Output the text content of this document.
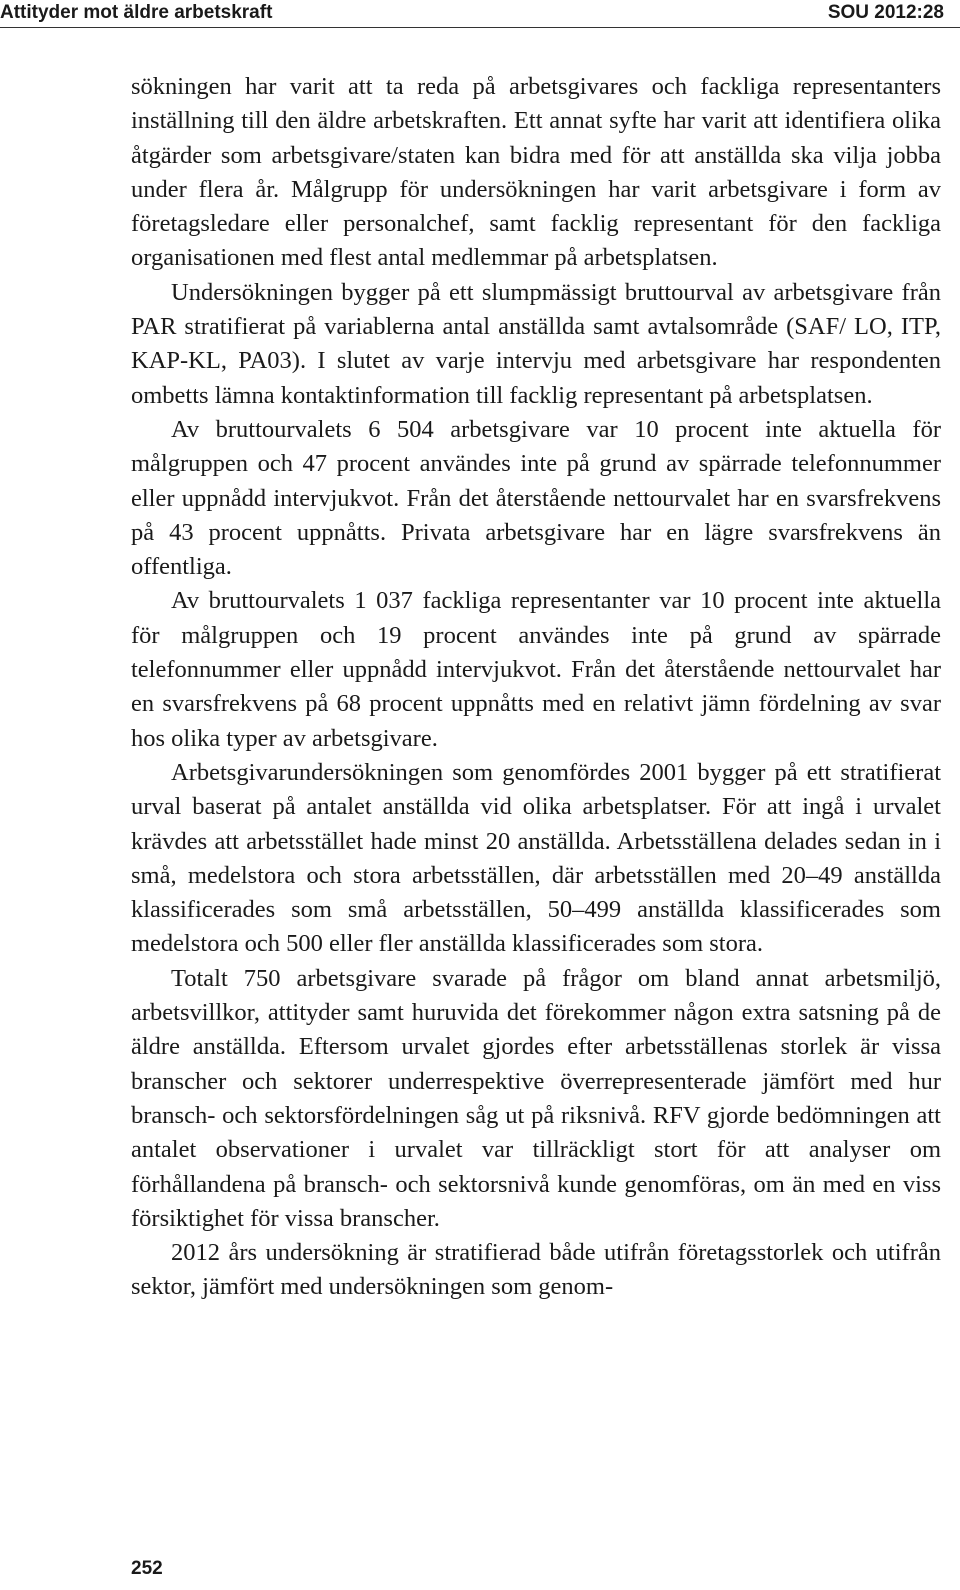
Attityder mot äldre arbetskraft	SOU 2012:28

sökningen har varit att ta reda på arbetsgivares och fackliga representanters inställning till den äldre arbetskraften. Ett annat syfte har varit att identifiera olika åtgärder som arbetsgivare/staten kan bidra med för att anställda ska vilja jobba under flera år. Målgrupp för undersökningen har varit arbetsgivare i form av företagsledare eller personalchef, samt facklig representant för den fackliga organisationen med flest antal medlemmar på arbetsplatsen.

Undersökningen bygger på ett slumpmässigt bruttourval av arbetsgivare från PAR stratifierat på variablerna antal anställda samt avtalsområde (SAF/ LO, ITP, KAP-KL, PA03). I slutet av varje intervju med arbetsgivare har respondenten ombetts lämna kontaktinformation till facklig representant på arbetsplatsen.

Av bruttourvalets 6 504 arbetsgivare var 10 procent inte aktuella för målgruppen och 47 procent användes inte på grund av spärrade telefonnummer eller uppnådd intervjukvot. Från det återstående nettourvalet har en svarsfrekvens på 43 procent uppnåtts. Privata arbetsgivare har en lägre svarsfrekvens än offentliga.

Av bruttourvalets 1 037 fackliga representanter var 10 procent inte aktuella för målgruppen och 19 procent användes inte på grund av spärrade telefonnummer eller uppnådd intervjukvot. Från det återstående nettourvalet har en svarsfrekvens på 68 procent uppnåtts med en relativt jämn fördelning av svar hos olika typer av arbetsgivare.

Arbetsgivarundersökningen som genomfördes 2001 bygger på ett stratifierat urval baserat på antalet anställda vid olika arbetsplatser. För att ingå i urvalet krävdes att arbetsstället hade minst 20 anställda. Arbetsställena delades sedan in i små, medelstora och stora arbetsställen, där arbetsställen med 20–49 anställda klassificerades som små arbetsställen, 50–499 anställda klassificerades som medelstora och 500 eller fler anställda klassificerades som stora.

Totalt 750 arbetsgivare svarade på frågor om bland annat arbetsmiljö, arbetsvillkor, attityder samt huruvida det förekommer någon extra satsning på de äldre anställda. Eftersom urvalet gjordes efter arbetsställenas storlek är vissa branscher och sektorer underrespektive överrepresenterade jämfört med hur bransch- och sektorsfördelningen såg ut på riksnivå. RFV gjorde bedömningen att antalet observationer i urvalet var tillräckligt stort för att analyser om förhållandena på bransch- och sektorsnivå kunde genomföras, om än med en viss försiktighet för vissa branscher.

2012 års undersökning är stratifierad både utifrån företagsstorlek och utifrån sektor, jämfört med undersökningen som genom-

252
